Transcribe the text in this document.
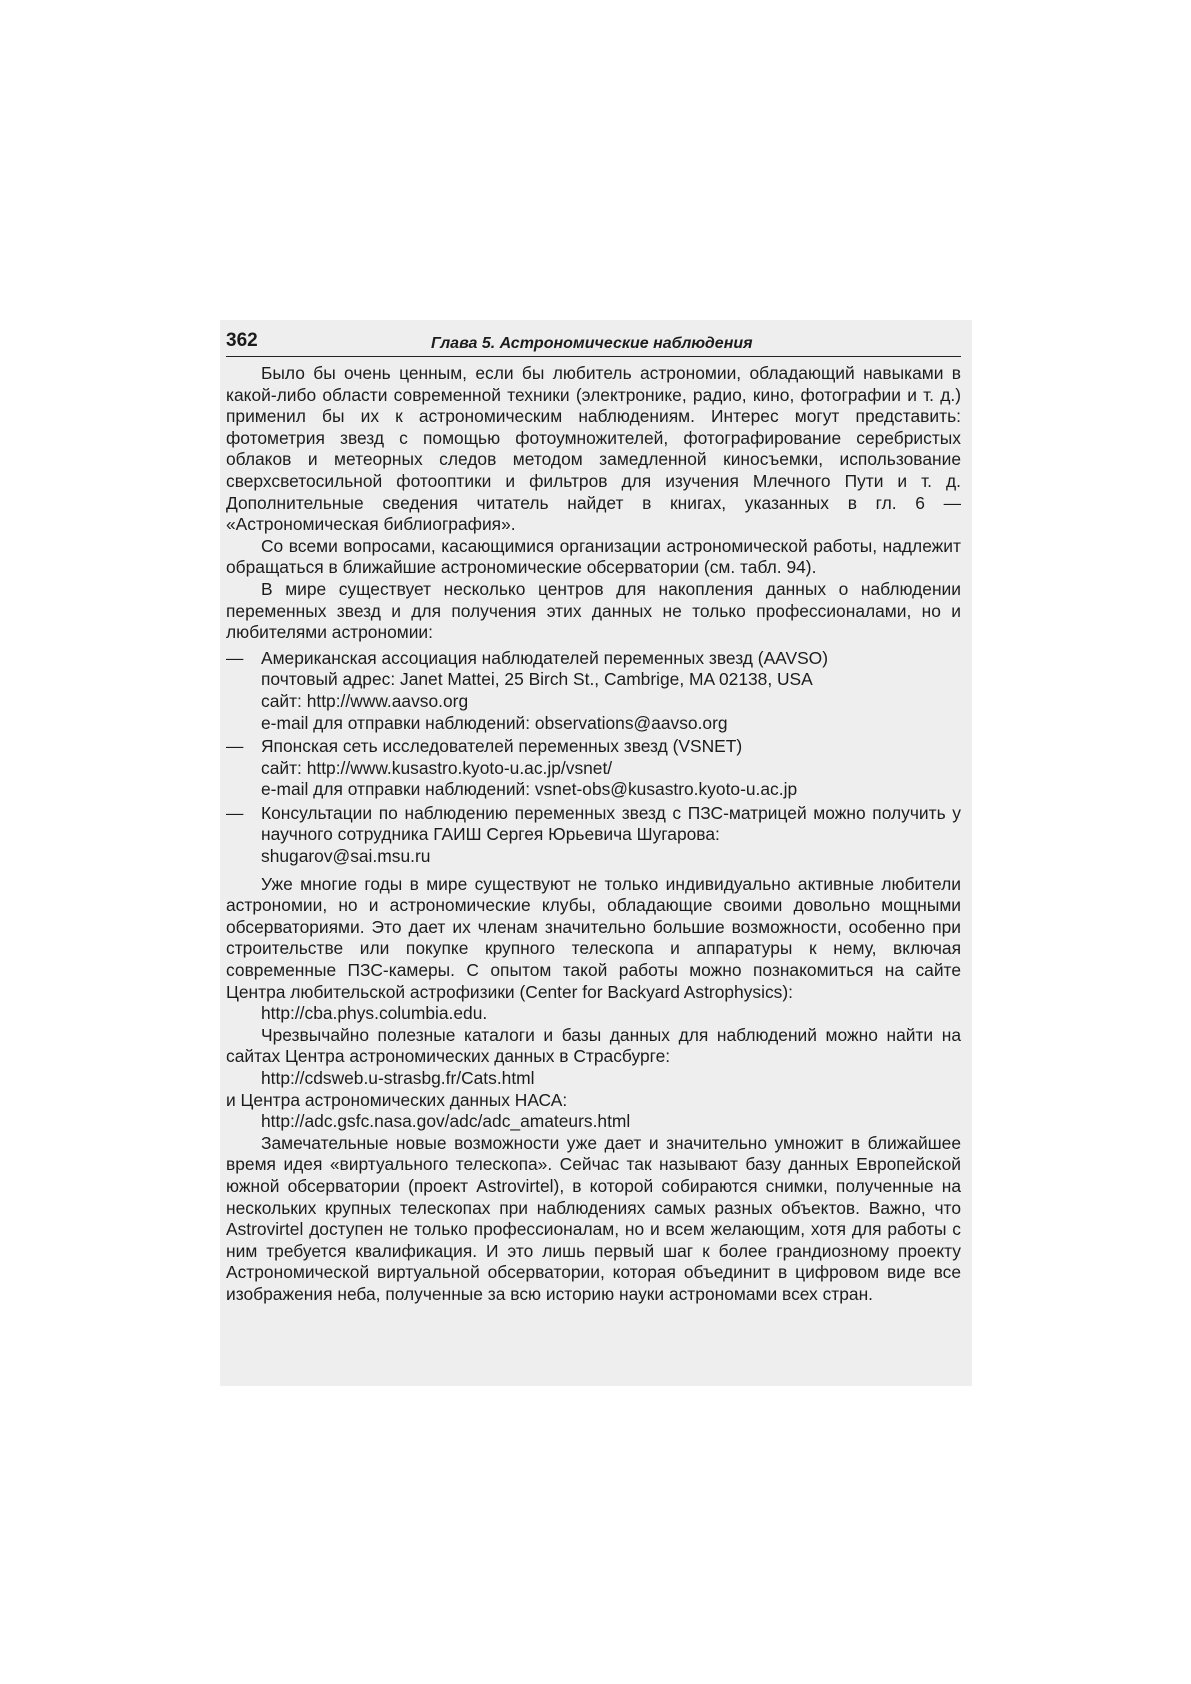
362	Глава 5. Астрономические наблюдения

Было бы очень ценным, если бы любитель астрономии, обладающий навыками в какой-либо области современной техники (электронике, радио, кино, фотографии и т. д.) применил бы их к астрономическим наблюдениям. Интерес могут представить: фотометрия звезд с помощью фотоумножителей, фотографирование серебристых облаков и метеорных следов методом замедленной киносъемки, использование сверхсветосильной фотооптики и фильтров для изучения Млечного Пути и т. д. Дополнительные сведения читатель найдет в книгах, указанных в гл. 6 — «Астрономическая библиография».

Со всеми вопросами, касающимися организации астрономической работы, надлежит обращаться в ближайшие астрономические обсерватории (см. табл. 94).

В мире существует несколько центров для накопления данных о наблюдении переменных звезд и для получения этих данных не только профессионалами, но и любителями астрономии:

— Американская ассоциация наблюдателей переменных звезд (AAVSO)
почтовый адрес: Janet Mattei, 25 Birch St., Cambrige, MA 02138, USA
сайт: http://www.aavso.org
e-mail для отправки наблюдений: observations@aavso.org
— Японская сеть исследователей переменных звезд (VSNET)
сайт: http://www.kusastro.kyoto-u.ac.jp/vsnet/
e-mail для отправки наблюдений: vsnet-obs@kusastro.kyoto-u.ac.jp
— Консультации по наблюдению переменных звезд с ПЗС-матрицей можно получить у научного сотрудника ГАИШ Сергея Юрьевича Шугарова:
shugarov@sai.msu.ru

Уже многие годы в мире существуют не только индивидуально активные любители астрономии, но и астрономические клубы, обладающие своими довольно мощными обсерваториями. Это дает их членам значительно большие возможности, особенно при строительстве или покупке крупного телескопа и аппаратуры к нему, включая современные ПЗС-камеры. С опытом такой работы можно познакомиться на сайте Центра любительской астрофизики (Center for Backyard Astrophysics):

http://cba.phys.columbia.edu.

Чрезвычайно полезные каталоги и базы данных для наблюдений можно найти на сайтах Центра астрономических данных в Страсбурге:

http://cdsweb.u-strasbg.fr/Cats.html

и Центра астрономических данных НАСА:

http://adc.gsfc.nasa.gov/adc/adc_amateurs.html

Замечательные новые возможности уже дает и значительно умножит в ближайшее время идея «виртуального телескопа». Сейчас так называют базу данных Европейской южной обсерватории (проект Astrovirtel), в которой собираются снимки, полученные на нескольких крупных телескопах при наблюдениях самых разных объектов. Важно, что Astrovirtel доступен не только профессионалам, но и всем желающим, хотя для работы с ним требуется квалификация. И это лишь первый шаг к более грандиозному проекту Астрономической виртуальной обсерватории, которая объединит в цифровом виде все изображения неба, полученные за всю историю науки астрономами всех стран.
